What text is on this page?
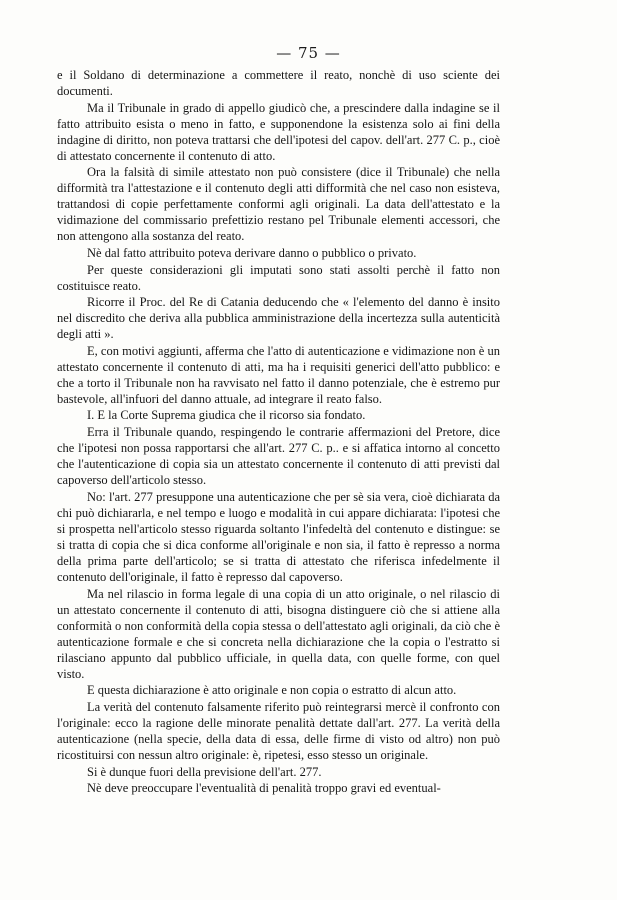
— 75 —

e il Soldano di determinazione a commettere il reato, nonchè di uso sciente dei documenti.

Ma il Tribunale in grado di appello giudicò che, a prescindere dalla indagine se il fatto attribuito esista o meno in fatto, e supponendone la esistenza solo ai fini della indagine di diritto, non poteva trattarsi che dell'ipotesi del capov. dell'art. 277 C. p., cioè di attestato concernente il contenuto di atto.

Ora la falsità di simile attestato non può consistere (dice il Tribunale) che nella difformità tra l'attestazione e il contenuto degli atti difformità che nel caso non esisteva, trattandosi di copie perfettamente conformi agli originali. La data dell'attestato e la vidimazione del commissario prefettizio restano pel Tribunale elementi accessori, che non attengono alla sostanza del reato.

Nè dal fatto attribuito poteva derivare danno o pubblico o privato.

Per queste considerazioni gli imputati sono stati assolti perchè il fatto non costituisce reato.

Ricorre il Proc. del Re di Catania deducendo che « l'elemento del danno è insito nel discredito che deriva alla pubblica amministrazione della incertezza sulla autenticità degli atti ».

E, con motivi aggiunti, afferma che l'atto di autenticazione e vidimazione non è un attestato concernente il contenuto di atti, ma ha i requisiti generici dell'atto pubblico: e che a torto il Tribunale non ha ravvisato nel fatto il danno potenziale, che è estremo pur bastevole, all'infuori del danno attuale, ad integrare il reato falso.

I. E la Corte Suprema giudica che il ricorso sia fondato.

Erra il Tribunale quando, respingendo le contrarie affermazioni del Pretore, dice che l'ipotesi non possa rapportarsi che all'art. 277 C. p.. e si affatica intorno al concetto che l'autenticazione di copia sia un attestato concernente il contenuto di atti previsti dal capoverso dell'articolo stesso.

No: l'art. 277 presuppone una autenticazione che per sè sia vera, cioè dichiarata da chi può dichiararla, e nel tempo e luogo e modalità in cui appare dichiarata: l'ipotesi che si prospetta nell'articolo stesso riguarda soltanto l'infedeltà del contenuto e distingue: se si tratta di copia che si dica conforme all'originale e non sia, il fatto è represso a norma della prima parte dell'articolo; se si tratta di attestato che riferisca infedelmente il contenuto dell'originale, il fatto è represso dal capoverso.

Ma nel rilascio in forma legale di una copia di un atto originale, o nel rilascio di un attestato concernente il contenuto di atti, bisogna distinguere ciò che si attiene alla conformità o non conformità della copia stessa o dell'attestato agli originali, da ciò che è autenticazione formale e che si concreta nella dichiarazione che la copia o l'estratto si rilasciano appunto dal pubblico ufficiale, in quella data, con quelle forme, con quel visto.

E questa dichiarazione è atto originale e non copia o estratto di alcun atto.

La verità del contenuto falsamente riferito può reintegrarsi mercè il confronto con l'originale: ecco la ragione delle minorate penalità dettate dall'art. 277. La verità della autenticazione (nella specie, della data di essa, delle firme di visto od altro) non può ricostituirsi con nessun altro originale: è, ripetesi, esso stesso un originale.

Si è dunque fuori della previsione dell'art. 277.

Nè deve preoccupare l'eventualità di penalità troppo gravi ed eventual-
